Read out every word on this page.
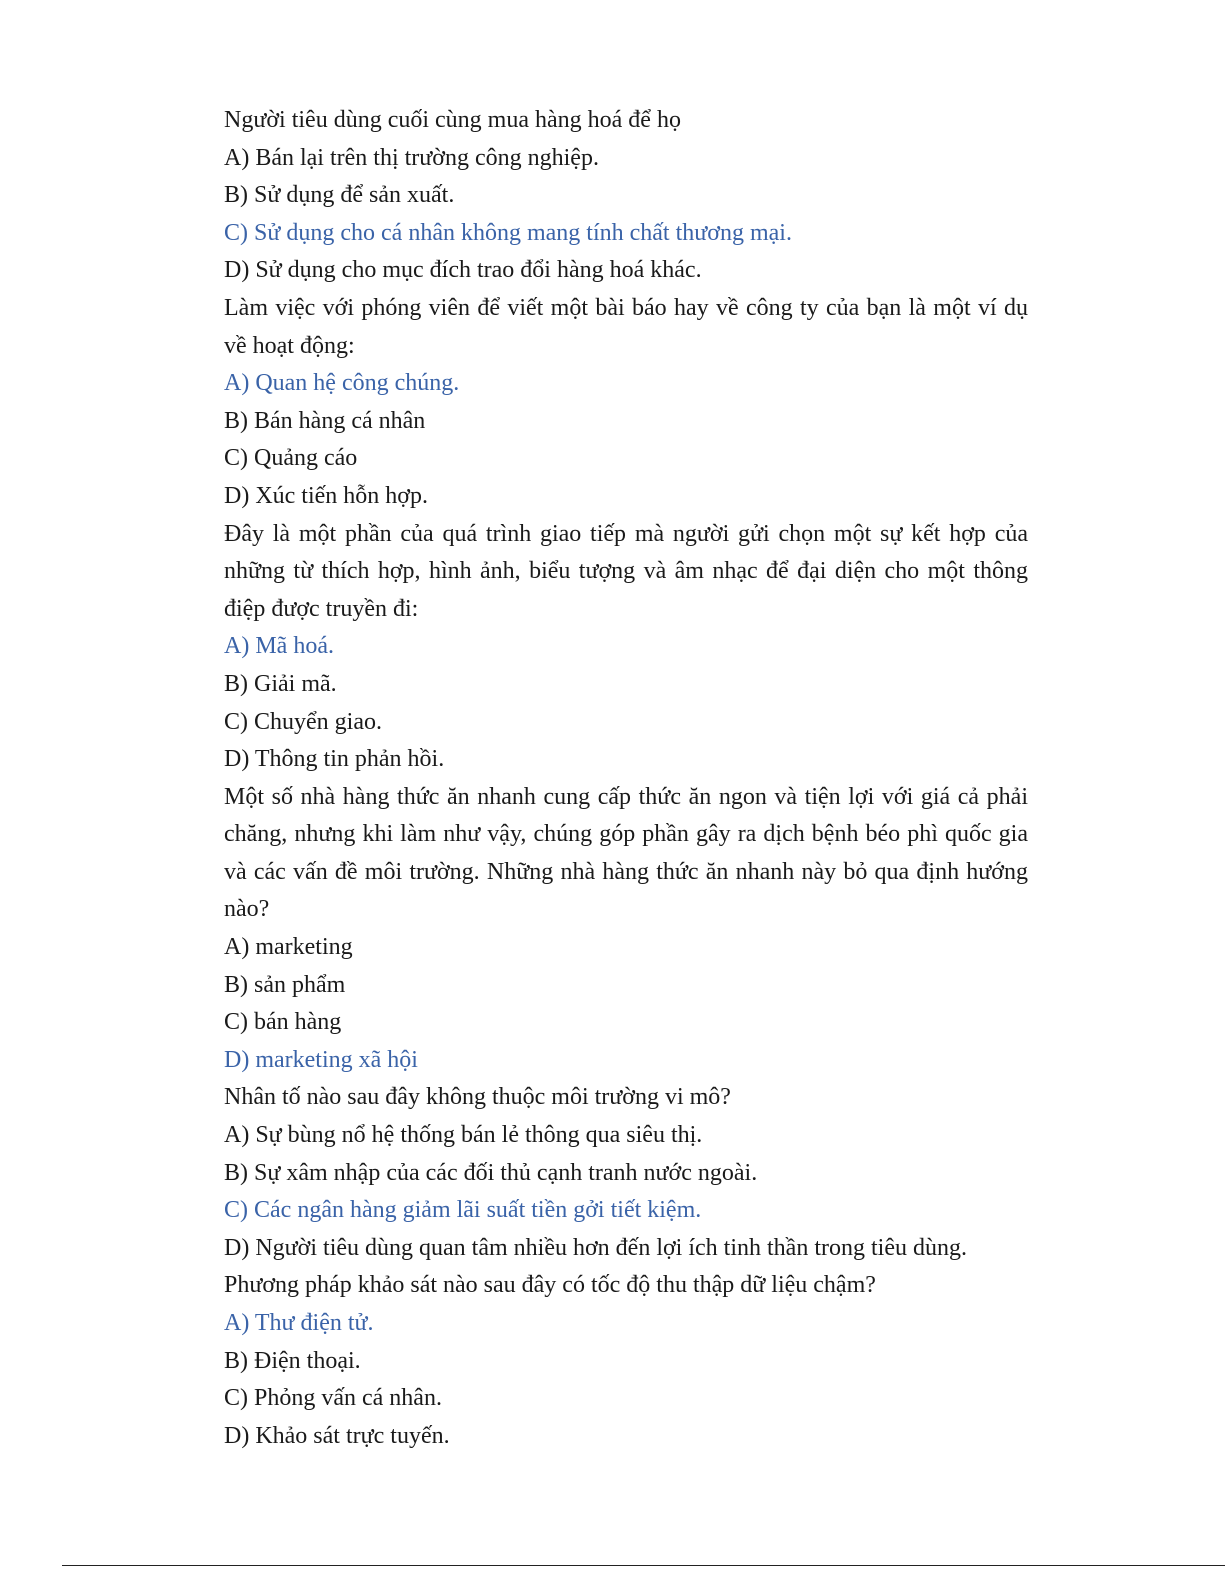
Người tiêu dùng cuối cùng mua hàng hoá để họ

A) Bán lại trên thị trường công nghiệp.

B) Sử dụng để sản xuất.

C) Sử dụng cho cá nhân không mang tính chất thương mại.

D) Sử dụng cho mục đích trao đổi hàng hoá khác.

Làm việc với phóng viên để viết một bài báo hay về công ty của bạn là một ví dụ về hoạt động:

A) Quan hệ công chúng.

B) Bán hàng cá nhân

C) Quảng cáo

D) Xúc tiến hỗn hợp.

Đây là một phần của quá trình giao tiếp mà người gửi chọn một sự kết hợp của những từ thích hợp, hình ảnh, biểu tượng và âm nhạc để đại diện cho một thông điệp được truyền đi:

A) Mã hoá.

B) Giải mã.

C) Chuyển giao.

D) Thông tin phản hồi.

Một số nhà hàng thức ăn nhanh cung cấp thức ăn ngon và tiện lợi với giá cả phải chăng, nhưng khi làm như vậy, chúng góp phần gây ra dịch bệnh béo phì quốc gia và các vấn đề môi trường. Những nhà hàng thức ăn nhanh này bỏ qua định hướng nào?

A) marketing

B) sản phẩm

C) bán hàng

D) marketing xã hội

Nhân tố nào sau đây không thuộc môi trường vi mô?

A) Sự bùng nổ hệ thống bán lẻ thông qua siêu thị.

B) Sự xâm nhập của các đối thủ cạnh tranh nước ngoài.

C) Các ngân hàng giảm lãi suất tiền gởi tiết kiệm.

D) Người tiêu dùng quan tâm nhiều hơn đến lợi ích tinh thần trong tiêu dùng.

Phương pháp khảo sát nào sau đây có tốc độ thu thập dữ liệu chậm?

A) Thư điện tử.

B) Điện thoại.

C) Phỏng vấn cá nhân.

D) Khảo sát trực tuyến.
